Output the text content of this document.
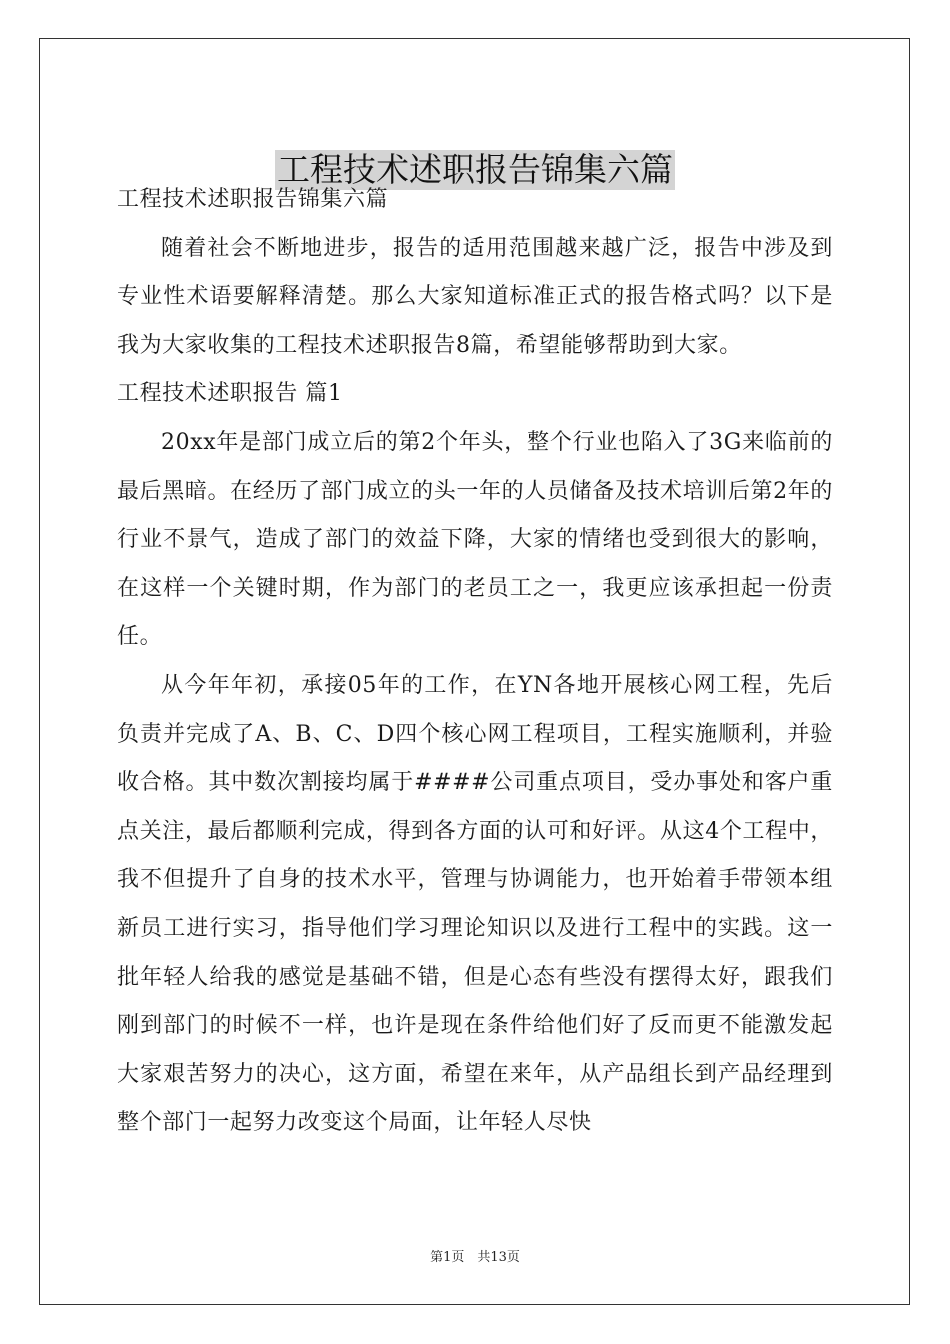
工程技术述职报告锦集六篇

工程技术述职报告锦集六篇

随着社会不断地进步，报告的适用范围越来越广泛，报告中涉及到专业性术语要解释清楚。那么大家知道标准正式的报告格式吗？以下是我为大家收集的工程技术述职报告8篇，希望能够帮助到大家。

工程技术述职报告 篇1

20xx年是部门成立后的第2个年头，整个行业也陷入了3G来临前的最后黑暗。在经历了部门成立的头一年的人员储备及技术培训后第2年的行业不景气，造成了部门的效益下降，大家的情绪也受到很大的影响，在这样一个关键时期，作为部门的老员工之一，我更应该承担起一份责任。

从今年年初，承接05年的工作，在YN各地开展核心网工程，先后负责并完成了A、B、C、D四个核心网工程项目，工程实施顺利，并验收合格。其中数次割接均属于####公司重点项目，受办事处和客户重点关注，最后都顺利完成，得到各方面的认可和好评。从这4个工程中，我不但提升了自身的技术水平，管理与协调能力，也开始着手带领本组新员工进行实习，指导他们学习理论知识以及进行工程中的实践。这一批年轻人给我的感觉是基础不错，但是心态有些没有摆得太好，跟我们刚到部门的时候不一样，也许是现在条件给他们好了反而更不能激发起大家艰苦努力的决心，这方面，希望在来年，从产品组长到产品经理到整个部门一起努力改变这个局面，让年轻人尽快

第1页　共13页
